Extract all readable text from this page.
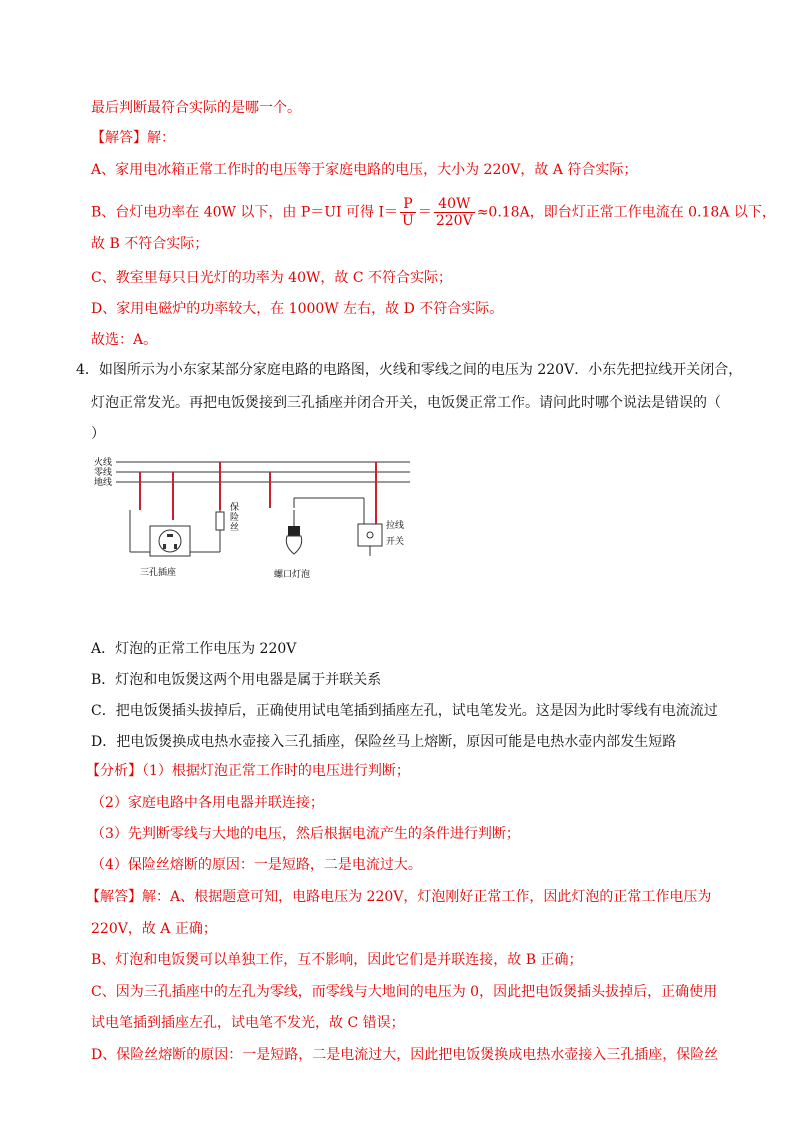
最后判断最符合实际的是哪一个。
【解答】解：
A、家用电冰箱正常工作时的电压等于家庭电路的电压，大小为 220V，故 A 符合实际；
B、台灯电功率在 40W 以下，由 P＝UI 可得 $I= \frac{P}{U} = \frac{40W}{220V} \approx 0.18A$，即台灯正常工作电流在 0.18A 以下，
故 B 不符合实际；
C、教室里每只日光灯的功率为 40W，故 C 不符合实际；
D、家用电磁炉的功率较大，在 1000W 左右，故 D 不符合实际。
故选：A。
4．如图所示为小东家某部分家庭电路的电路图，火线和零线之间的电压为 220V．小东先把拉线开关闭合，
灯泡正常发光。再把电饭煲接到三孔插座并闭合开关，电饭煲正常工作。请问此时哪个说法是错误的（
）
火线
零线
地线
保险丝
三孔插座	螺口灯泡
拉线
开关
A．灯泡的正常工作电压为 220V
B．灯泡和电饭煲这两个用电器是属于并联关系
C．把电饭煲插头拔掉后，正确使用试电笔插到插座左孔，试电笔发光。这是因为此时零线有电流流过
D．把电饭煲换成电热水壶接入三孔插座，保险丝马上熔断，原因可能是电热水壶内部发生短路
【分析】（1）根据灯泡正常工作时的电压进行判断；
（2）家庭电路中各用电器并联连接；
（3）先判断零线与大地的电压，然后根据电流产生的条件进行判断；
（4）保险丝熔断的原因：一是短路，二是电流过大。
【解答】解：A、根据题意可知，电路电压为 220V，灯泡刚好正常工作，因此灯泡的正常工作电压为
220V，故 A 正确；
B、灯泡和电饭煲可以单独工作，互不影响，因此它们是并联连接，故 B 正确；
C、因为三孔插座中的左孔为零线，而零线与大地间的电压为 0，因此把电饭煲插头拔掉后，正确使用
试电笔插到插座左孔，试电笔不发光，故 C 错误；
D、保险丝熔断的原因：一是短路，二是电流过大，因此把电饭煲换成电热水壶接入三孔插座，保险丝
